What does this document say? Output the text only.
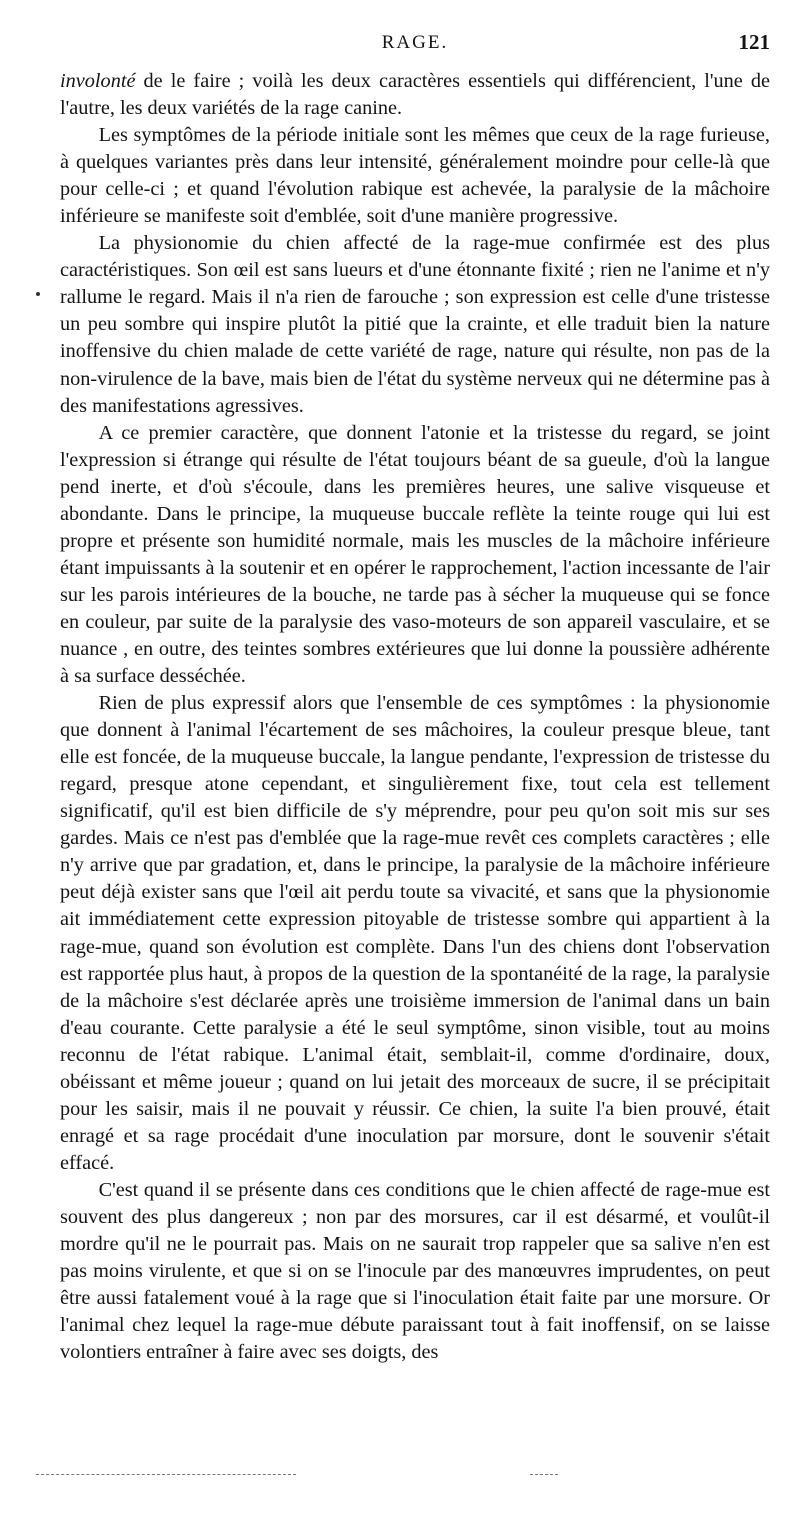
RAGE.	121

involonté de le faire ; voilà les deux caractères essentiels qui différencient, l'une de l'autre, les deux variétés de la rage canine.

Les symptômes de la période initiale sont les mêmes que ceux de la rage furieuse, à quelques variantes près dans leur intensité, généralement moindre pour celle-là que pour celle-ci ; et quand l'évolution rabique est achevée, la paralysie de la mâchoire inférieure se manifeste soit d'emblée, soit d'une manière progressive.

La physionomie du chien affecté de la rage-mue confirmée est des plus caractéristiques. Son œil est sans lueurs et d'une étonnante fixité ; rien ne l'anime et n'y rallume le regard. Mais il n'a rien de farouche ; son expression est celle d'une tristesse un peu sombre qui inspire plutôt la pitié que la crainte, et elle traduit bien la nature inoffensive du chien malade de cette variété de rage, nature qui résulte, non pas de la non-virulence de la bave, mais bien de l'état du système nerveux qui ne détermine pas à des manifestations agressives.

A ce premier caractère, que donnent l'atonie et la tristesse du regard, se joint l'expression si étrange qui résulte de l'état toujours béant de sa gueule, d'où la langue pend inerte, et d'où s'écoule, dans les premières heures, une salive visqueuse et abondante. Dans le principe, la muqueuse buccale reflète la teinte rouge qui lui est propre et présente son humidité normale, mais les muscles de la mâchoire inférieure étant impuissants à la soutenir et en opérer le rapprochement, l'action incessante de l'air sur les parois intérieures de la bouche, ne tarde pas à sécher la muqueuse qui se fonce en couleur, par suite de la paralysie des vaso-moteurs de son appareil vasculaire, et se nuance , en outre, des teintes sombres extérieures que lui donne la poussière adhérente à sa surface desséchée.

Rien de plus expressif alors que l'ensemble de ces symptômes : la physionomie que donnent à l'animal l'écartement de ses mâchoires, la couleur presque bleue, tant elle est foncée, de la muqueuse buccale, la langue pendante, l'expression de tristesse du regard, presque atone cependant, et singulièrement fixe, tout cela est tellement significatif, qu'il est bien difficile de s'y méprendre, pour peu qu'on soit mis sur ses gardes. Mais ce n'est pas d'emblée que la rage-mue revêt ces complets caractères ; elle n'y arrive que par gradation, et, dans le principe, la paralysie de la mâchoire inférieure peut déjà exister sans que l'œil ait perdu toute sa vivacité, et sans que la physionomie ait immédiatement cette expression pitoyable de tristesse sombre qui appartient à la rage-mue, quand son évolution est complète. Dans l'un des chiens dont l'observation est rapportée plus haut, à propos de la question de la spontanéité de la rage, la paralysie de la mâchoire s'est déclarée après une troisième immersion de l'animal dans un bain d'eau courante. Cette paralysie a été le seul symptôme, sinon visible, tout au moins reconnu de l'état rabique. L'animal était, semblait-il, comme d'ordinaire, doux, obéissant et même joueur ; quand on lui jetait des morceaux de sucre, il se précipitait pour les saisir, mais il ne pouvait y réussir. Ce chien, la suite l'a bien prouvé, était enragé et sa rage procédait d'une inoculation par morsure, dont le souvenir s'était effacé.

C'est quand il se présente dans ces conditions que le chien affecté de rage-mue est souvent des plus dangereux ; non par des morsures, car il est désarmé, et voulût-il mordre qu'il ne le pourrait pas. Mais on ne saurait trop rappeler que sa salive n'en est pas moins virulente, et que si on se l'inocule par des manœuvres imprudentes, on peut être aussi fatalement voué à la rage que si l'inoculation était faite par une morsure. Or l'animal chez lequel la rage-mue débute paraissant tout à fait inoffensif, on se laisse volontiers entraîner à faire avec ses doigts, des
